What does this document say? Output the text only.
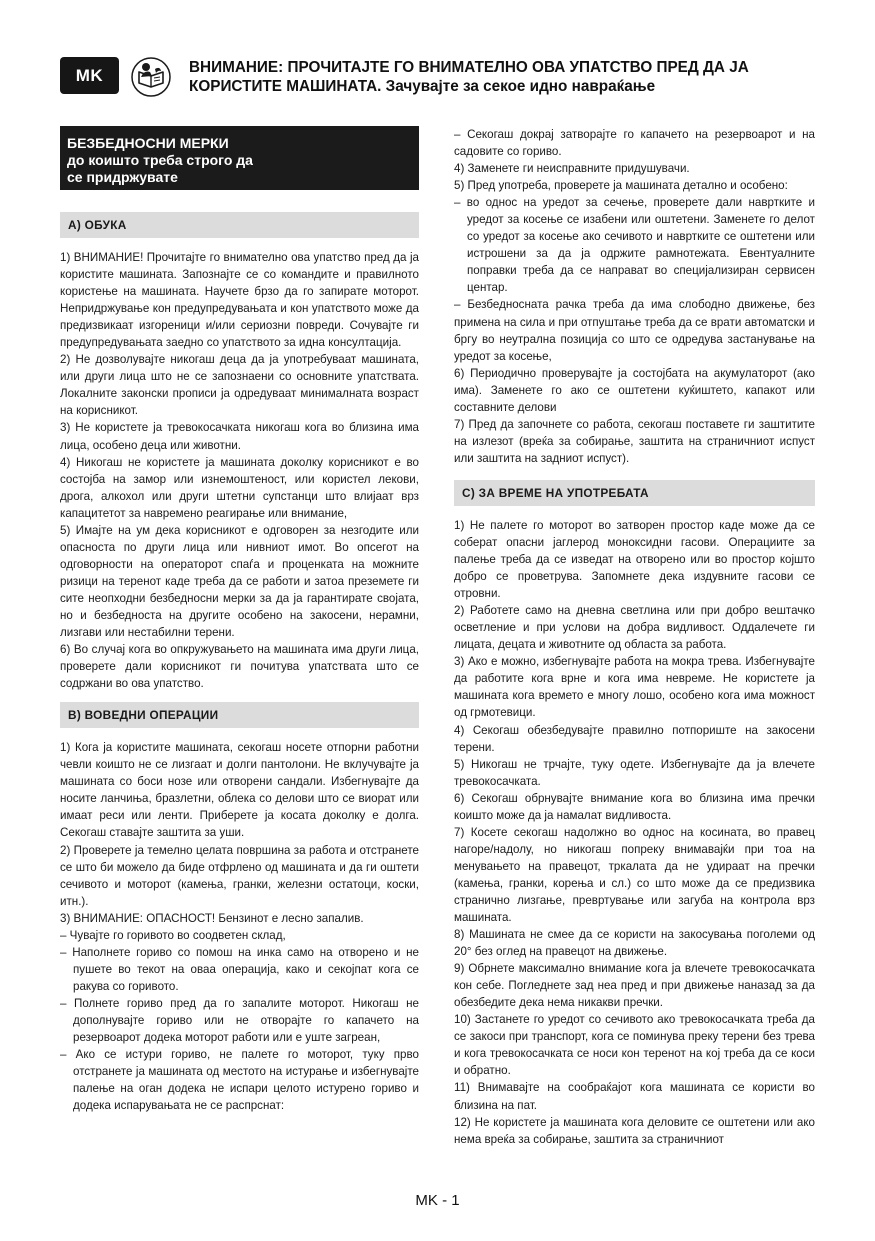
MK	ВНИМАНИЕ: ПРОЧИТАЈТЕ ГО ВНИМАТЕЛНО ОВА УПАТСТВО ПРЕД ДА ЈА
КОРИСТИТЕ МАШИНАТА. Зачувајте за секое идно навраќање
БЕЗБЕДНОСНИ МЕРКИ
до коишто треба строго да
се придржувате
А) ОБУКА
1) ВНИМАНИЕ! Прочитајте го внимателно ова упатство пред да ја користите машината. Запознајте се со командите и правилното користење на машината. Научете брзо да го запирате моторот. Непридржување кон предупредувањата и кон упатството може да предизвикаат изгореници и/или сериозни повреди. Сочувајте ги предупредувањата заедно со упатството за идна консултација.
2) Не дозволувајте никогаш деца да ја употребуваат машината, или други лица што не се запознаени со основните упатствата. Локалните законски прописи ја одредуваат минималната возраст на корисникот.
3) Не користете ја тревокосачката никогаш кога во близина има лица, особено деца или животни.
4) Никогаш не користете ја машината доколку корисникот е во состојба на замор или изнемоштеност, или користел лекови, дрога, алкохол или други штетни супстанци што влијаат врз капацитетот за навремено реагирање или внимание,
5) Имајте на ум дека корисникот е одговорен за незгодите или опасноста по други лица или нивниот имот. Во опсегот на одговорности на операторот спаѓа и проценката на можните ризици на теренот каде треба да се работи и затоа преземете ги сите неопходни безбедносни мерки за да ја гарантирате својата, но и безбедноста на другите особено на закосени, нерамни, лизгави или нестабилни терени.
6) Во случај кога во опкружувањето на машината има други лица, проверете дали корисникот ги почитува упатствата што се содржани во ова упатство.
В) ВОВЕДНИ ОПЕРАЦИИ
1) Кога ја користите машината, секогаш носете отпорни работни чевли коишто не се лизгаат и долги пантолони. Не вклучувајте ја машината со боси нозе или отворени сандали. Избегнувајте да носите ланчиња, бразлетни, облека со делови што се виорат или имаат реси или ленти. Приберете ја косата доколку е долга. Секогаш ставајте заштита за уши.
2) Проверете ја темелно целата површина за работа и отстранете се што би можело да биде отфрлено од машината и да ги оштети сечивото и моторот (камења, гранки, железни остатоци, коски, итн.).
3) ВНИМАНИЕ: ОПАСНОСТ! Бензинот е лесно запалив.
– Чувајте го горивото во соодветен склад,
– Наполнете гориво со помош на инка само на отворено и не пушете во текот на оваа операција, како и секојпат кога се ракува со горивото.
– Полнете гориво пред да го запалите моторот. Никогаш не дополнувајте гориво или не отворајте го капачето на резервоарот додека моторот работи или е уште загреан,
– Ако се истури гориво, не палете го моторот, туку прво отстранете ја машината од местото на истурање и избегнувајте палење на оган додека не испари целото истурено гориво и додека испарувањата не се распрснат:
– Секогаш докрај затворајте го капачето на резервоарот и на садовите со гориво.
4) Заменете ги неисправните придушувачи.
5) Пред употреба, проверете ја машината детално и особено:
– во однос на уредот за сечење, проверете дали навртките и уредот за косење се изабени или оштетени. Заменете го делот со уредот за косење ако сечивото и навртките се оштетени или истрошени за да ја одржите рамнотежата. Евентуалните поправки треба да се направат во специјализиран сервисен центар.
– Безбедносната рачка треба да има слободно движење, без примена на сила и при отпуштање треба да се врати автоматски и бргу во неутрална позиција со што се одредува застанување на уредот за косење,
6) Периодично проверувајте ја состојбата на акумулаторот (ако има). Заменете го ако се оштетени куќиштето, капакот или составните делови
7) Пред да започнете со работа, секогаш поставете ги заштитите на излезот (вреќа за собирање, заштита на страничниот испуст или заштита на задниот испуст).
С) ЗА ВРЕМЕ НА УПОТРЕБАТА
1) Не палете го моторот во затворен простор каде може да се соберат опасни јаглерод моноксидни гасови. Операциите за палење треба да се изведат на отворено или во простор којшто добро се проветрува. Запомнете дека издувните гасови се отровни.
2) Работете само на дневна светлина или при добро вештачко осветление и при услови на добра видливост. Оддалечете ги лицата, децата и животните од областа за работа.
3) Ако е можно, избегнувајте работа на мокра трева. Избегнувајте да работите кога врне и кога има невреме. Не користете ја машината кога времето е многу лошо, особено кога има можност од грмотевици.
4) Секогаш обезбедувајте правилно потпориште на закосени терени.
5) Никогаш не трчајте, туку одете. Избегнувајте да ја влечете тревокосачката.
6) Секогаш обрнувајте внимание кога во близина има пречки коишто може да ја намалат видливоста.
7) Косете секогаш надолжно во однос на косината, во правец нагоре/надолу, но никогаш попреку внимавајќи при тоа на менувањето на правецот, тркалата да не удираат на пречки (камења, гранки, корења и сл.) со што може да се предизвика странично лизгање, превртување или загуба на контрола врз машината.
8) Машината не смее да се користи на закосувања поголеми од 20° без оглед на правецот на движење.
9) Обрнете максимално внимание кога ја влечете тревокосачката кон себе. Погледнете зад неа пред и при движење наназад за да обезбедите дека нема никакви пречки.
10) Застанете го уредот со сечивото ако тревокосачката треба да се закоси при транспорт, кога се поминува преку терени без трева и кога тревокосачката се носи кон теренот на кој треба да се коси и обратно.
11) Внимавајте на сообраќајот кога машината се користи во близина на пат.
12) Не користете ја машината кога деловите се оштетени или ако нема вреќа за собирање, заштита за страничниот
MK - 1
